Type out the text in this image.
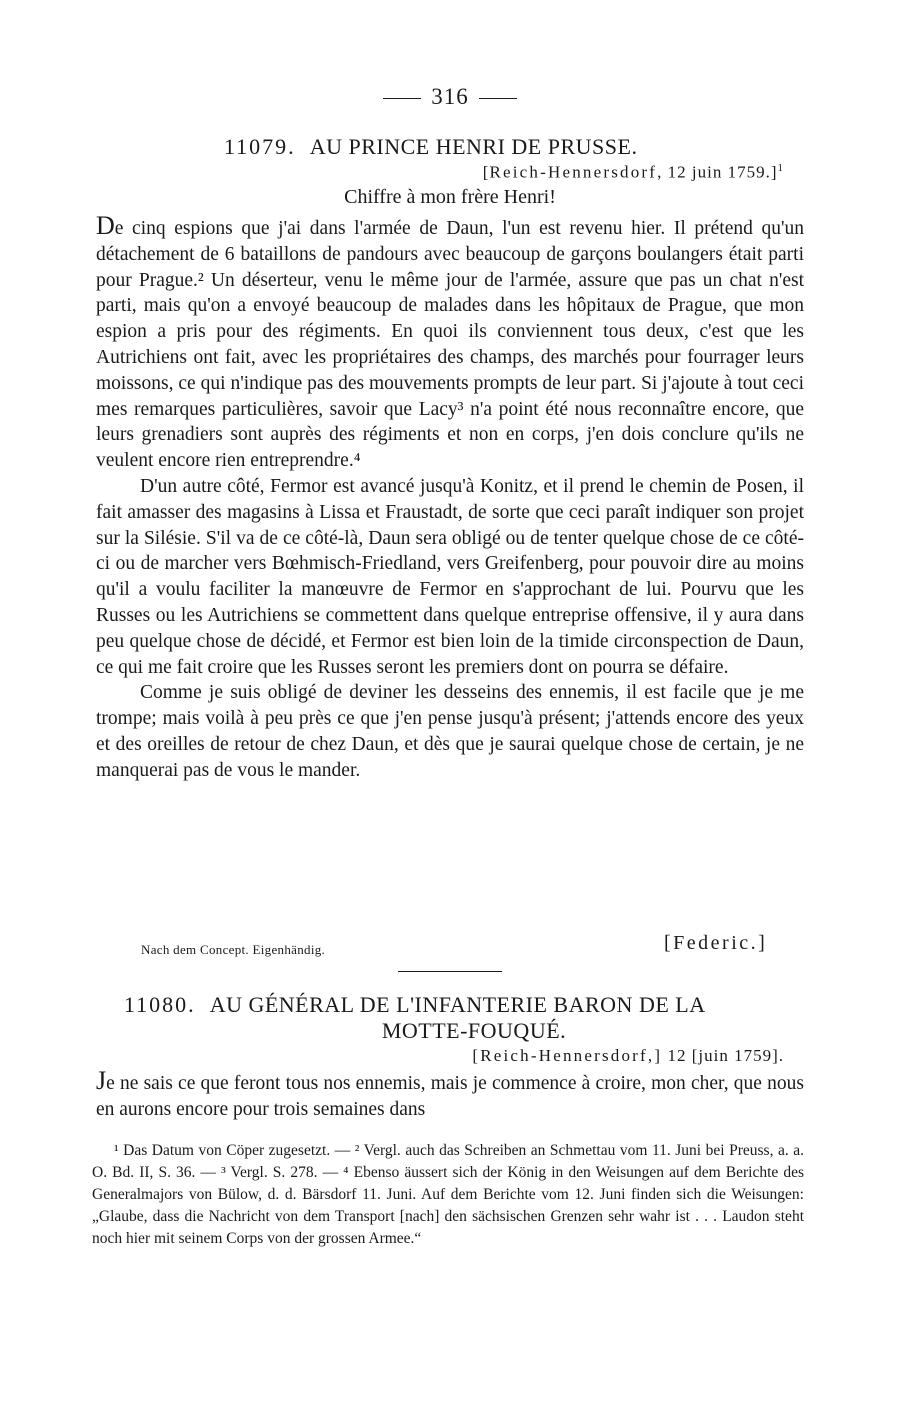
316
11079. AU PRINCE HENRI DE PRUSSE.
[Reich-Hennersdorf, 12 juin 1759.]$^1$
Chiffre à mon frère Henri!

De cinq espions que j'ai dans l'armée de Daun, l'un est revenu hier. Il prétend qu'un détachement de 6 bataillons de pandours avec beaucoup de garçons boulangers était parti pour Prague.² Un déserteur, venu le même jour de l'armée, assure que pas un chat n'est parti, mais qu'on a envoyé beaucoup de malades dans les hôpitaux de Prague, que mon espion a pris pour des régiments. En quoi ils conviennent tous deux, c'est que les Autrichiens ont fait, avec les propriétaires des champs, des marchés pour fourrager leurs moissons, ce qui n'indique pas des mouvements prompts de leur part. Si j'ajoute à tout ceci mes remarques particulières, savoir que Lacy³ n'a point été nous reconnaître encore, que leurs grenadiers sont auprès des régiments et non en corps, j'en dois conclure qu'ils ne veulent encore rien entreprendre.⁴

D'un autre côté, Fermor est avancé jusqu'à Konitz, et il prend le chemin de Posen, il fait amasser des magasins à Lissa et Fraustadt, de sorte que ceci paraît indiquer son projet sur la Silésie. S'il va de ce côté-là, Daun sera obligé ou de tenter quelque chose de ce côté-ci ou de marcher vers Bœhmisch-Friedland, vers Greifenberg, pour pouvoir dire au moins qu'il a voulu faciliter la manœuvre de Fermor en s'approchant de lui. Pourvu que les Russes ou les Autrichiens se commettent dans quelque entreprise offensive, il y aura dans peu quelque chose de décidé, et Fermor est bien loin de la timide circonspection de Daun, ce qui me fait croire que les Russes seront les premiers dont on pourra se défaire.

Comme je suis obligé de deviner les desseins des ennemis, il est facile que je me trompe; mais voilà à peu près ce que j'en pense jusqu'à présent; j'attends encore des yeux et des oreilles de retour de chez Daun, et dès que je saurai quelque chose de certain, je ne manquerai pas de vous le mander.

Nach dem Concept. Eigenhändig.	[Federic.]
11080. AU GÉNÉRAL DE L'INFANTERIE BARON DE LA
MOTTE-FOUQUÉ.
[Reich-Hennersdorf,] 12 [juin 1759].

Je ne sais ce que feront tous nos ennemis, mais je commence à croire, mon cher, que nous en aurons encore pour trois semaines dans

¹ Das Datum von Cöper zugesetzt. — ² Vergl. auch das Schreiben an Schmettau vom 11. Juni bei Preuss, a. a. O. Bd. II, S. 36. — ³ Vergl. S. 278. — ⁴ Ebenso äussert sich der König in den Weisungen auf dem Berichte des Generalmajors von Bülow, d. d. Bärsdorf 11. Juni. Auf dem Berichte vom 12. Juni finden sich die Weisungen: „Glaube, dass die Nachricht von dem Transport [nach] den sächsischen Grenzen sehr wahr ist . . . Laudon steht noch hier mit seinem Corps von der grossen Armee.“
